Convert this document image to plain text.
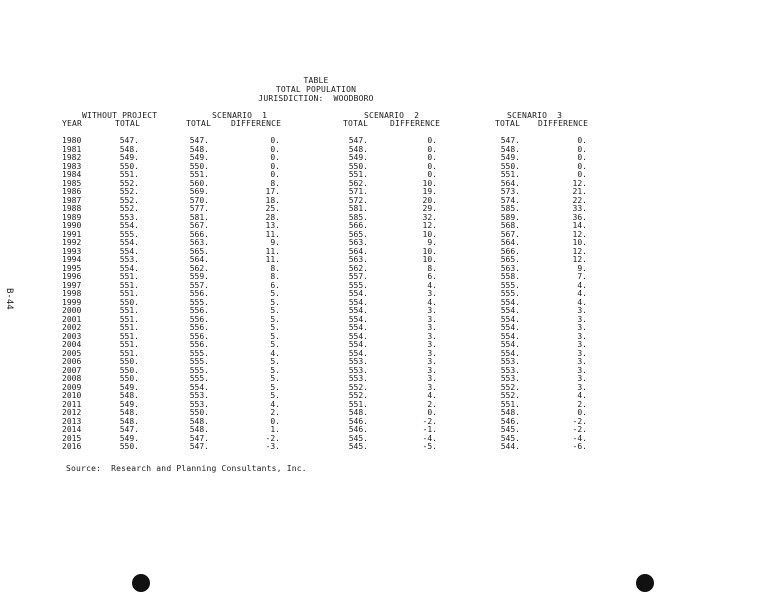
TABLE
TOTAL POPULATION
JURISDICTION:  WOODBORO
WITHOUT PROJECT	SCENARIO  1	SCENARIO  2	SCENARIO  3
YEAR	TOTAL	TOTAL DIFFERENCE	TOTAL	DIFFERENCE	TOTAL DIFFERENCE
1980	547.	547.	0.	547.	0.	547.	0.
1981	548.	548.	0.	548.	0.	548.	0.
1982	549.	549.	0.	549.	0.	549.	0.
1983	550.	550.	0.	550.	0.	550.	0.
1984	551.	551.	0.	551.	0.	551.	0.
1985	552.	560.	8.	562.	10.	564.	12.
1986	552.	569.	17.	571.	19.	573.	21.
1987	552.	570.	18.	572.	20.	574.	22.
1988	552.	577.	25.	581.	29.	585.	33.
1989	553.	581.	28.	585.	32.	589.	36.
1990	554.	567.	13.	566.	12.	568.	14.
1991	555.	566.	11.	565.	10.	567.	12.
1992	554.	563.	9.	563.	9.	564.	10.
1993	554.	565.	11.	564.	10.	566.	12.
1994	553.	564.	11.	563.	10.	565.	12.
1995	554.	562.	8.	562.	8.	563.	9.
1996	551.	559.	8.	557.	6.	558.	7.
1997	551.	557.	6.	555.	4.	555.	4.
1998	551.	556.	5.	554.	3.	555.	4.
1999	550.	555.	5.	554.	4.	554.	4.
2000	551.	556.	5.	554.	3.	554.	3.
2001	551.	556.	5.	554.	3.	554.	3.
2002	551.	556.	5.	554.	3.	554.	3.
2003	551.	556.	5.	554.	3.	554.	3.
2004	551.	556.	5.	554.	3.	554.	3.
2005	551.	555.	4.	554.	3.	554.	3.
2006	550.	555.	5.	553.	3.	553.	3.
2007	550.	555.	5.	553.	3.	553.	3.
2008	550.	555.	5.	553.	3.	553.	3.
2009	549.	554.	5.	552.	3.	552.	3.
2010	548.	553.	5.	552.	4.	552.	4.
2011	549.	553.	4.	551.	2.	551.	2.
2012	548.	550.	2.	548.	0.	548.	0.
2013	548.	548.	0.	546.	-2.	546.	-2.
2014	547.	548.	1.	546.	-1.	545.	-2.
2015	549.	547.	-2.	545.	-4.	545.	-4.
2016	550.	547.	-3.	545.	-5.	544.	-6.
Source:  Research and Planning Consultants, Inc.
B-44
